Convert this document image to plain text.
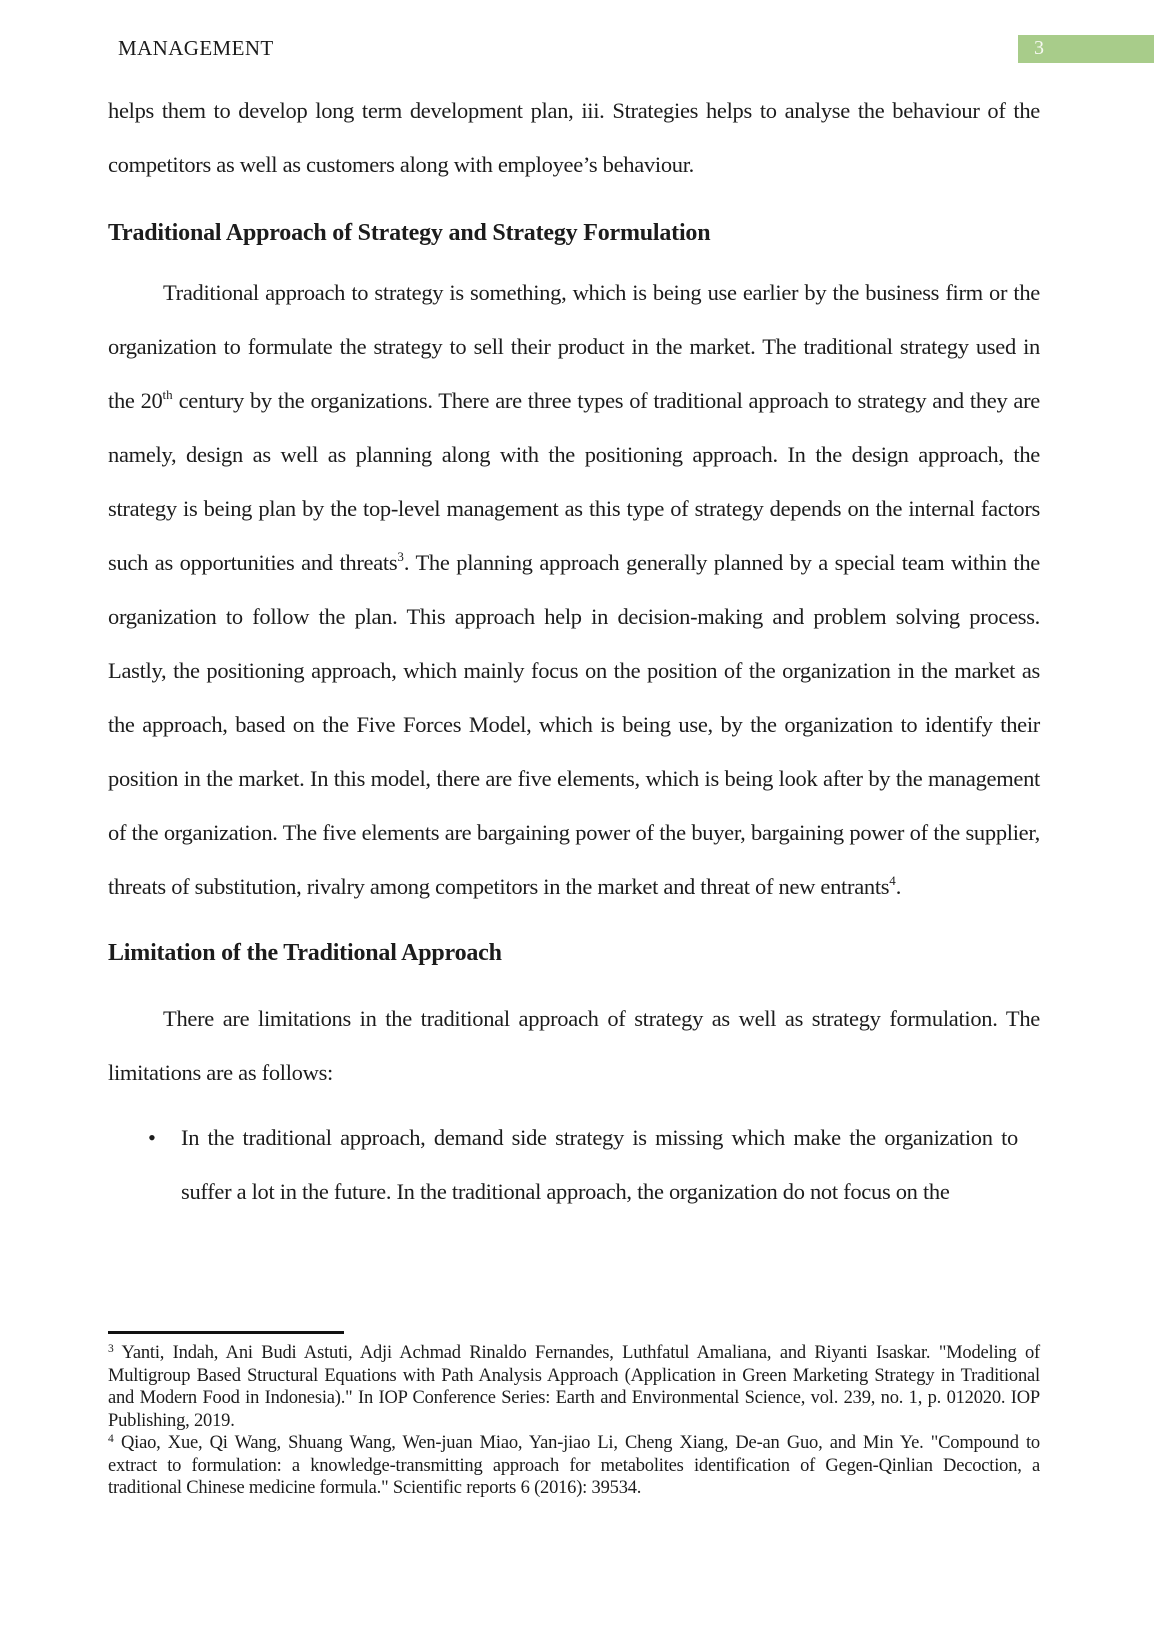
MANAGEMENT	3

helps them to develop long term development plan, iii. Strategies helps to analyse the behaviour of the competitors as well as customers along with employee’s behaviour.

Traditional Approach of Strategy and Strategy Formulation

Traditional approach to strategy is something, which is being use earlier by the business firm or the organization to formulate the strategy to sell their product in the market. The traditional strategy used in the 20th century by the organizations. There are three types of traditional approach to strategy and they are namely, design as well as planning along with the positioning approach. In the design approach, the strategy is being plan by the top-level management as this type of strategy depends on the internal factors such as opportunities and threats$^3$. The planning approach generally planned by a special team within the organization to follow the plan. This approach help in decision-making and problem solving process. Lastly, the positioning approach, which mainly focus on the position of the organization in the market as the approach, based on the Five Forces Model, which is being use, by the organization to identify their position in the market. In this model, there are five elements, which is being look after by the management of the organization. The five elements are bargaining power of the buyer, bargaining power of the supplier, threats of substitution, rivalry among competitors in the market and threat of new entrants$^4$.

Limitation of the Traditional Approach

There are limitations in the traditional approach of strategy as well as strategy formulation. The limitations are as follows:

•	In the traditional approach, demand side strategy is missing which make the organization to suffer a lot in the future. In the traditional approach, the organization do not focus on the

$^3$ Yanti, Indah, Ani Budi Astuti, Adji Achmad Rinaldo Fernandes, Luthfatul Amaliana, and Riyanti Isaskar. "Modeling of Multigroup Based Structural Equations with Path Analysis Approach (Application in Green Marketing Strategy in Traditional and Modern Food in Indonesia)." In IOP Conference Series: Earth and Environmental Science, vol. 239, no. 1, p. 012020. IOP Publishing, 2019.

$^4$ Qiao, Xue, Qi Wang, Shuang Wang, Wen-juan Miao, Yan-jiao Li, Cheng Xiang, De-an Guo, and Min Ye. "Compound to extract to formulation: a knowledge-transmitting approach for metabolites identification of Gegen-Qinlian Decoction, a traditional Chinese medicine formula." Scientific reports 6 (2016): 39534.
